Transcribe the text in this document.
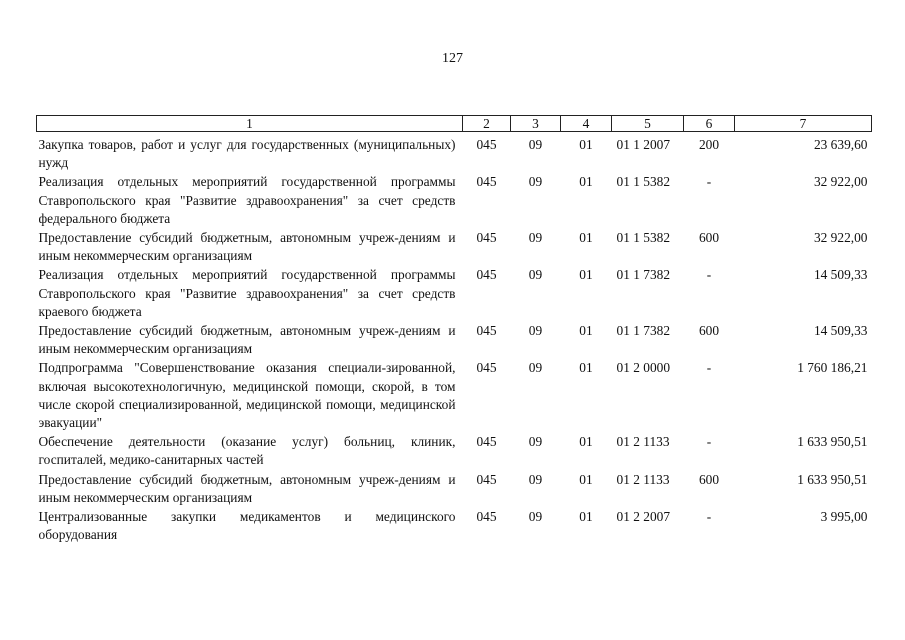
127
1	2	3	4	5	6	7
Закупка товаров, работ и услуг для государственных (муниципальных) нужд	045	09	01	01 1 2007	200	23 639,60
Реализация отдельных мероприятий государственной программы Ставропольского края "Развитие здравоохранения" за счет средств федерального бюджета	045	09	01	01 1 5382	-	32 922,00
Предоставление субсидий бюджетным, автономным учреж-дениям и иным некоммерческим организациям	045	09	01	01 1 5382	600	32 922,00
Реализация отдельных мероприятий государственной программы Ставропольского края "Развитие здравоохранения" за счет средств краевого бюджета	045	09	01	01 1 7382	-	14 509,33
Предоставление субсидий бюджетным, автономным учреж-дениям и иным некоммерческим организациям	045	09	01	01 1 7382	600	14 509,33
Подпрограмма "Совершенствование оказания специали-зированной, включая высокотехнологичную, медицинской помощи, скорой, в том числе скорой специализированной, медицинской помощи, медицинской эвакуации"	045	09	01	01 2 0000	-	1 760 186,21
Обеспечение деятельности (оказание услуг) больниц, клиник, госпиталей, медико-санитарных частей	045	09	01	01 2 1133	-	1 633 950,51
Предоставление субсидий бюджетным, автономным учреж-дениям и иным некоммерческим организациям	045	09	01	01 2 1133	600	1 633 950,51
Централизованные закупки медикаментов и медицинского оборудования	045	09	01	01 2 2007	-	3 995,00
